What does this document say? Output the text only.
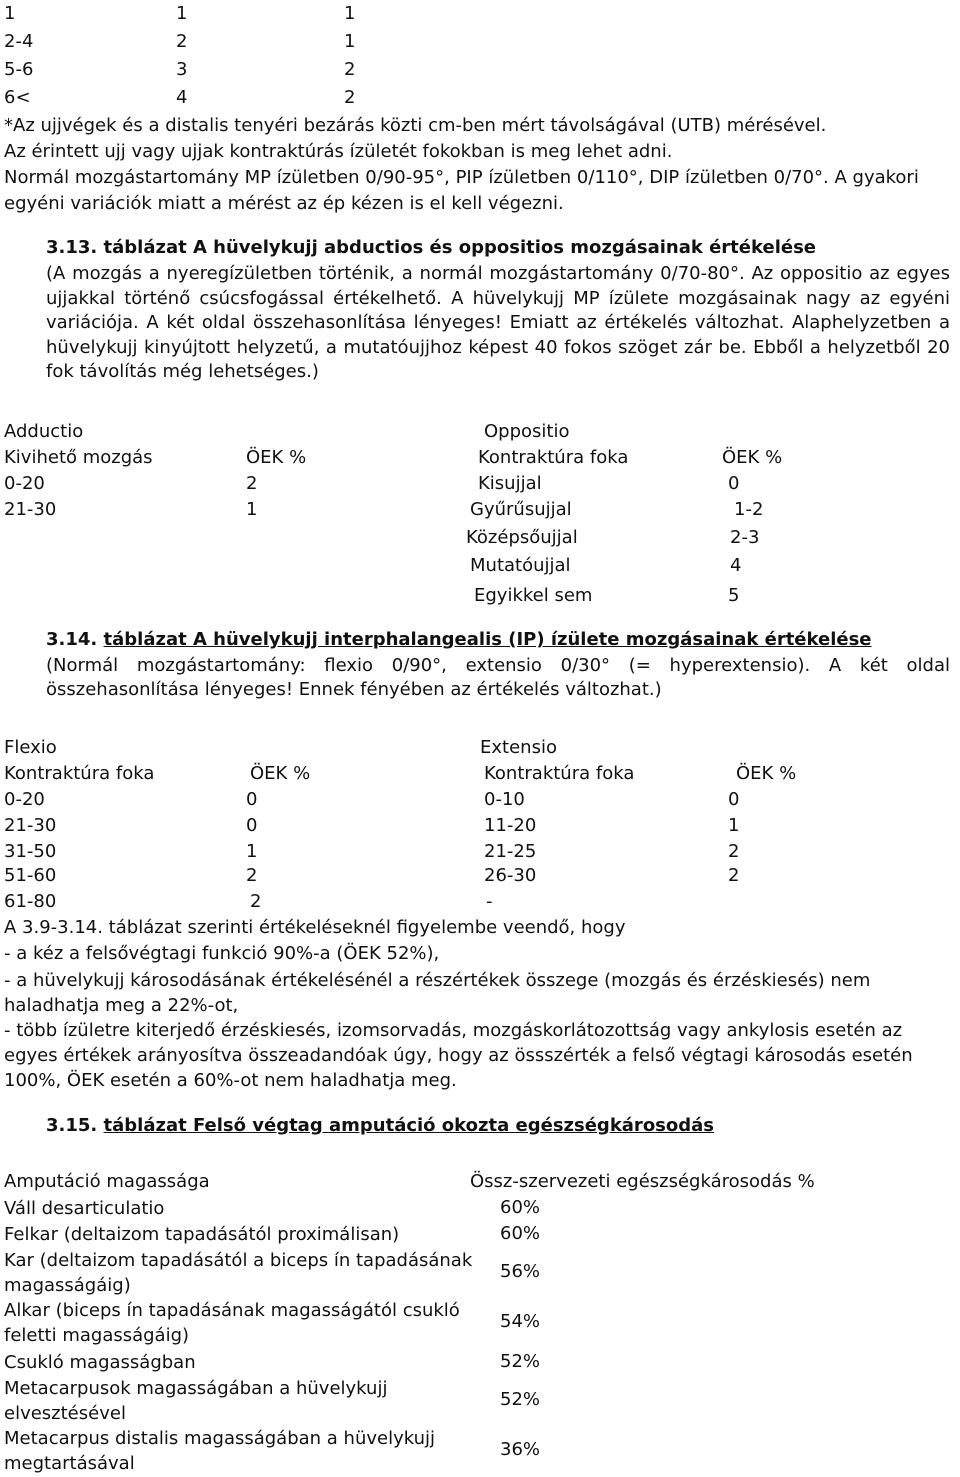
1	1	1
2-4	2	1
5-6	3	2
6<	4	2
*Az ujjvégek és a distalis tenyéri bezárás közti cm-ben mért távolságával (UTB) mérésével.
Az érintett ujj vagy ujjak kontraktúrás ízületét fokokban is meg lehet adni.
Normál mozgástartomány MP ízületben 0/90-95°, PIP ízületben 0/110°, DIP ízületben 0/70°. A gyakori
egyéni variációk miatt a mérést az ép kézen is el kell végezni.
3.13. táblázat A hüvelykujj abductios és oppositios mozgásainak értékelése
(A mozgás a nyeregízületben történik, a normál mozgástartomány 0/70-80°. Az oppositio az egyes ujjakkal történő csúcsfogással értékelhető. A hüvelykujj MP ízülete mozgásainak nagy az egyéni variációja. A két oldal összehasonlítása lényeges! Emiatt az értékelés változhat. Alaphelyzetben a hüvelykujj kinyújtott helyzetű, a mutatóujjhoz képest 40 fokos szöget zár be. Ebből a helyzetből 20 fok távolítás még lehetséges.)
Adductio
Kivihető mozgás	ÖEK %
0-20	2
21-30	1
Oppositio
Kontraktúra foka	ÖEK %
Kisujjal	0
Gyűrűsujjal	1-2
Középsőujjal	2-3
Mutatóujjal	4
Egyikkel sem	5
3.14. táblázat A hüvelykujj interphalangealis (IP) ízülete mozgásainak értékelése
(Normál mozgástartomány: flexio 0/90°, extensio 0/30° (= hyperextensio). A két oldal összehasonlítása lényeges! Ennek fényében az értékelés változhat.)
Flexio
Kontraktúra foka	ÖEK %
0-20	0
21-30	0
31-50	1
51-60	2
61-80	2
Extensio
Kontraktúra foka	ÖEK %
0-10	0
11-20	1
21-25	2
26-30	2
-
A 3.9-3.14. táblázat szerinti értékeléseknél figyelembe veendő, hogy
- a kéz a felsővégtagi funkció 90%-a (ÖEK 52%),
- a hüvelykujj károsodásának értékelésénél a részértékek összege (mozgás és érzéskiesés) nem haladhatja meg a 22%-ot,
- több ízületre kiterjedő érzéskiesés, izomsorvadás, mozgáskorlátozottság vagy ankylosis esetén az egyes értékek arányosítva összeadandóak úgy, hogy az össszérték a felső végtagi károsodás esetén 100%, ÖEK esetén a 60%-ot nem haladhatja meg.
3.15. táblázat Felső végtag amputáció okozta egészségkárosodás
Amputáció magassága	Össz-szervezeti egészségkárosodás %
Váll desarticulatio	60%
Felkar (deltaizom tapadásától proximálisan)	60%
Kar (deltaizom tapadásától a biceps ín tapadásának magasságáig)
56%
Alkar (biceps ín tapadásának magasságától csukló feletti magasságáig)
54%
Csukló magasságban	52%
Metacarpusok magasságában a hüvelykujj elvesztésével
52%
Metacarpus distalis magasságában a hüvelykujj megtartásával
36%
